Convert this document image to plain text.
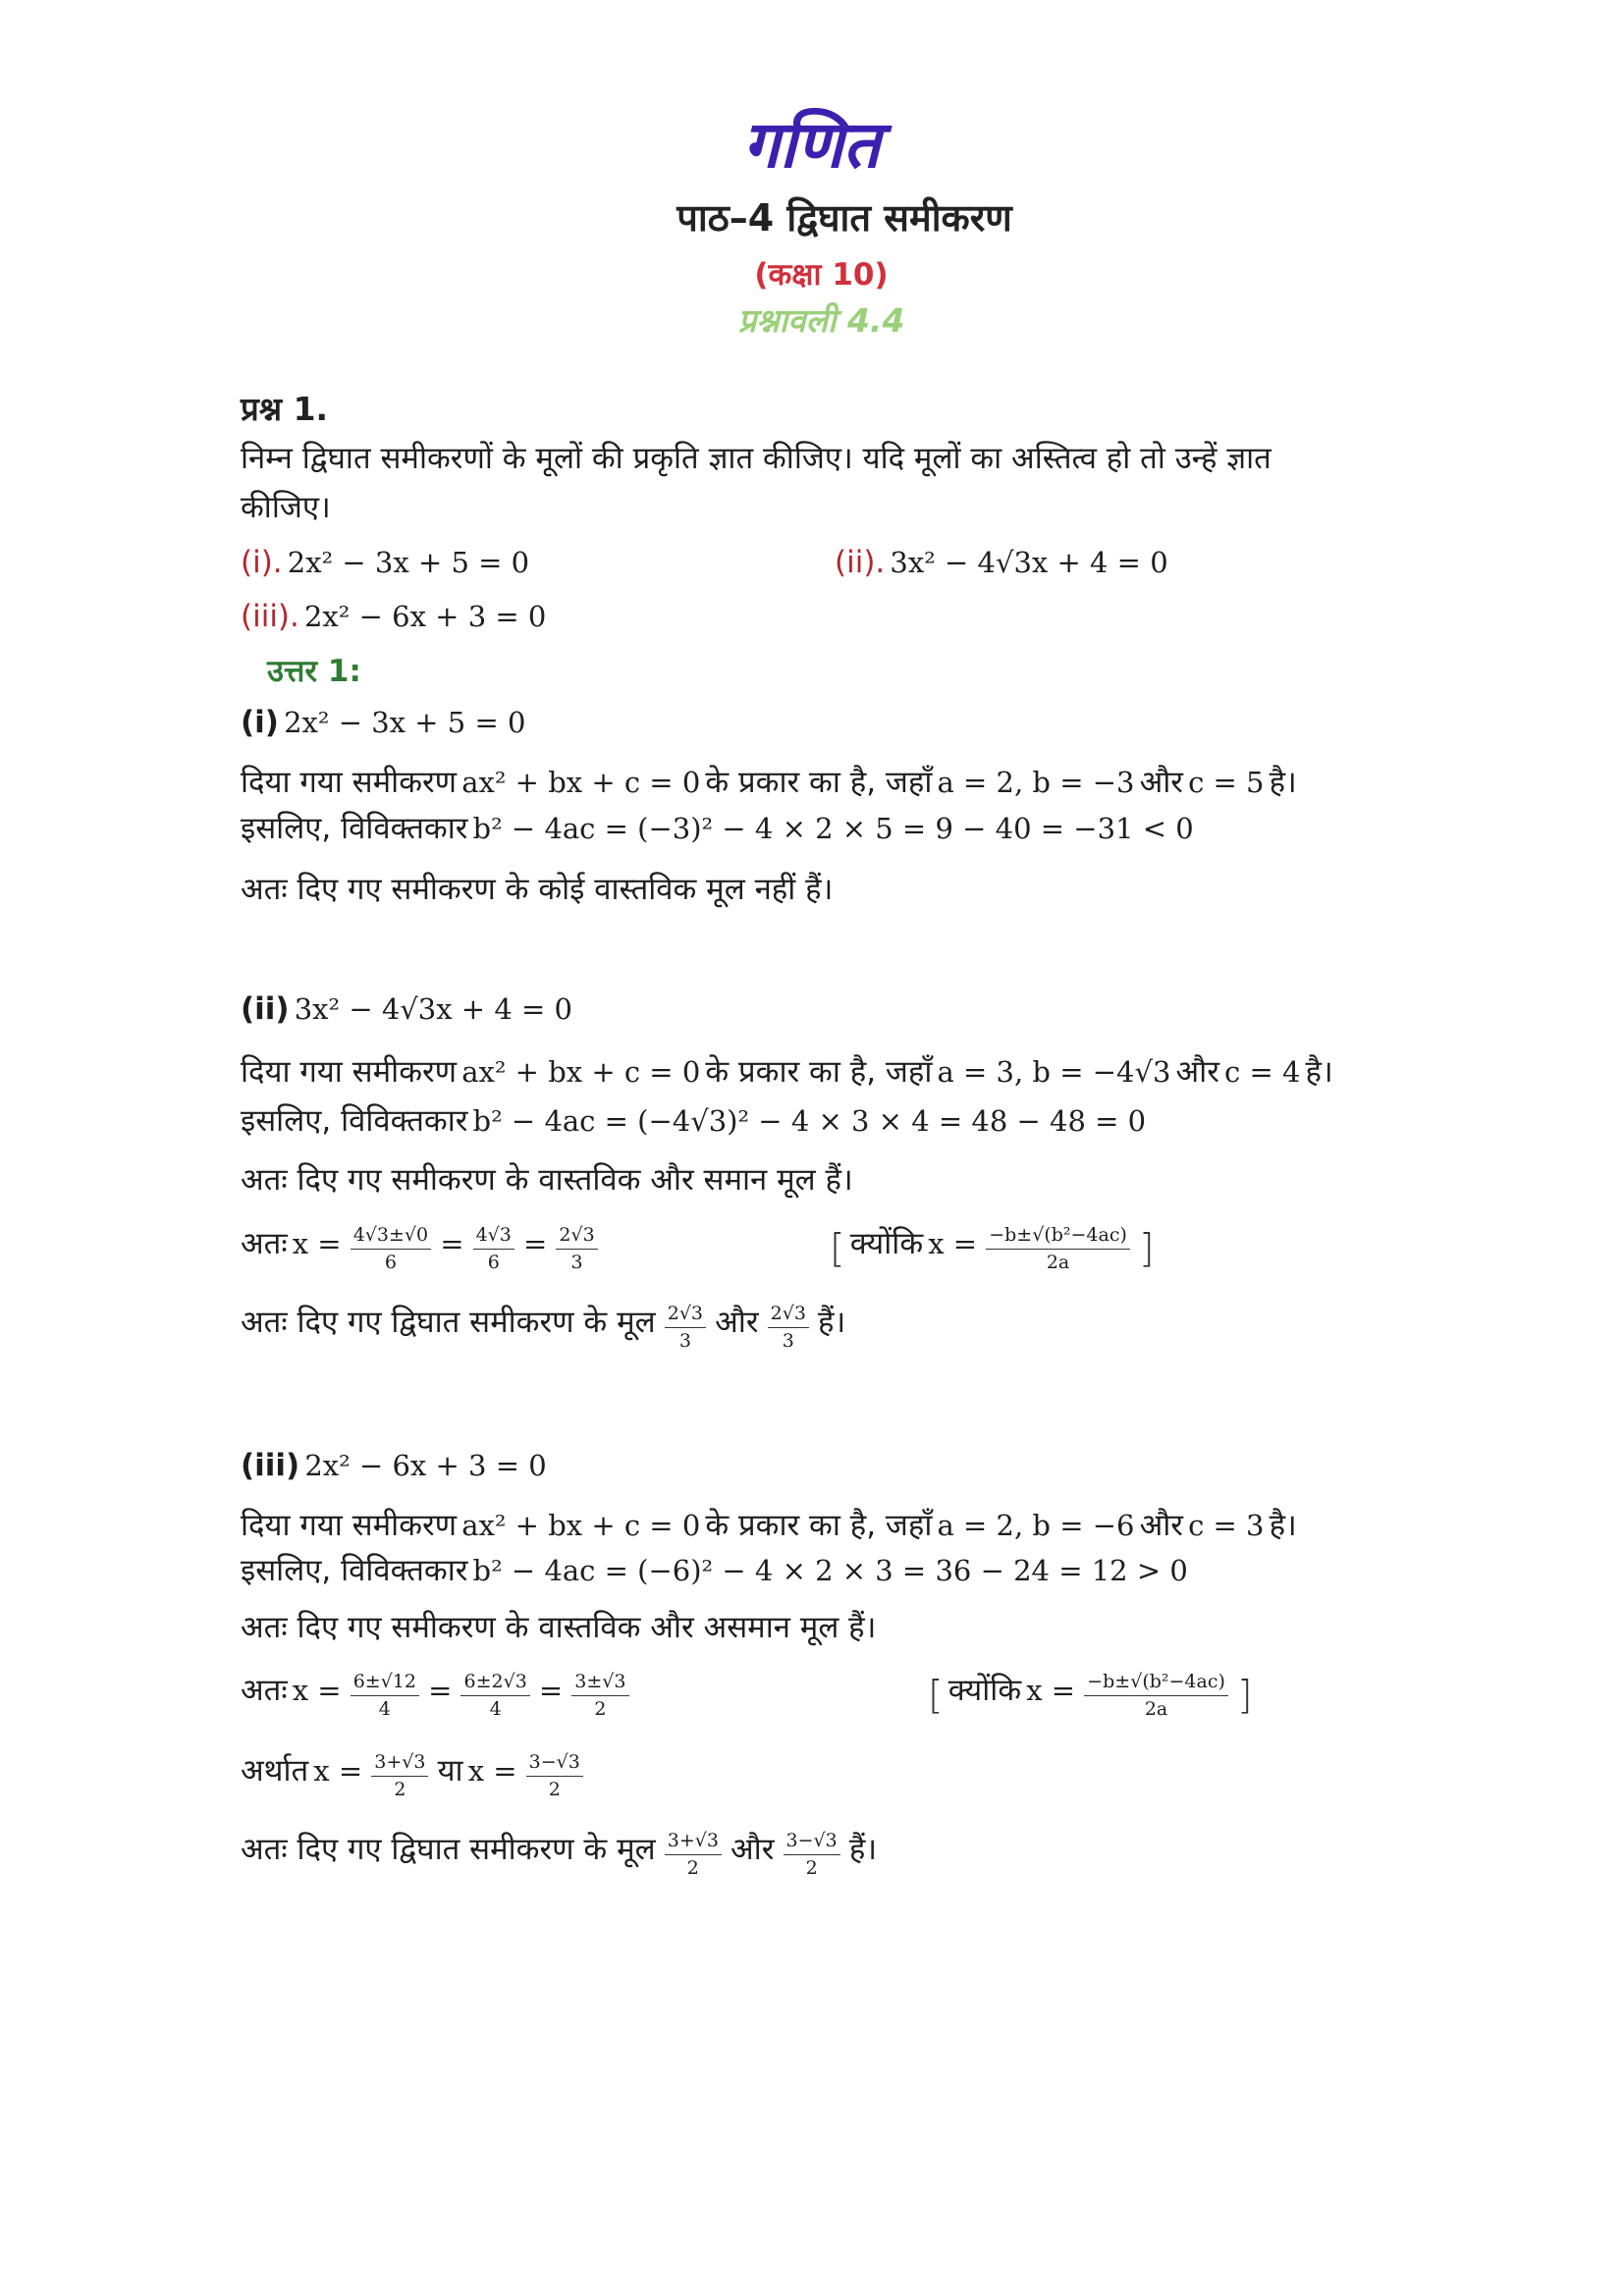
गणित
पाठ–4 द्विघात समीकरण
(कक्षा 10)
प्रश्नावली 4.4
प्रश्न 1.
निम्न द्विघात समीकरणों के मूलों की प्रकृति ज्ञात कीजिए। यदि मूलों का अस्तित्व हो तो उन्हें ज्ञात
कीजिए।
(i). 2x² − 3x + 5 = 0	(ii). 3x² − 4√3x + 4 = 0
(iii). 2x² − 6x + 3 = 0
उत्तर 1:
(i) 2x² − 3x + 5 = 0
दिया गया समीकरण ax² + bx + c = 0 के प्रकार का है, जहाँ a = 2, b = −3 और c = 5 है।
इसलिए, विविक्तकार b² − 4ac = (−3)² − 4 × 2 × 5 = 9 − 40 = −31 < 0
अतः दिए गए समीकरण के कोई वास्तविक मूल नहीं हैं।
(ii) 3x² − 4√3x + 4 = 0
दिया गया समीकरण ax² + bx + c = 0 के प्रकार का है, जहाँ a = 3, b = −4√3 और c = 4 है।
इसलिए, विविक्तकार b² − 4ac = (−4√3)² − 4 × 3 × 4 = 48 − 48 = 0
अतः दिए गए समीकरण के वास्तविक और समान मूल हैं।
अतः $x = \frac{4√3\pm√0}{6} = \frac{4√3}{6} = \frac{2√3}{3}$	[ क्योंकि $x = \frac{\text{−b±√(b²−4ac)}}{2a}$ ]
अतः दिए गए द्विघात समीकरण के मूल $\frac{2√3}{3}$ और $\frac{2√3}{3}$ हैं।
(iii) 2x² − 6x + 3 = 0
दिया गया समीकरण ax² + bx + c = 0 के प्रकार का है, जहाँ a = 2, b = −6 और c = 3 है।
इसलिए, विविक्तकार b² − 4ac = (−6)² − 4 × 2 × 3 = 36 − 24 = 12 > 0
अतः दिए गए समीकरण के वास्तविक और असमान मूल हैं।
अतः $x = \frac{6\pm√12}{4} = \frac{6\pm 2√3}{4} = \frac{3\pm√3}{2}$	[ क्योंकि $x = \frac{\text{−b±√(b²−4ac)}}{2a}$ ]
अर्थात $x = \frac{3+√3}{2}$ या $x = \frac{3-√3}{2}$
अतः दिए गए द्विघात समीकरण के मूल $\frac{3+√3}{2}$ और $\frac{3-√3}{2}$ हैं।
